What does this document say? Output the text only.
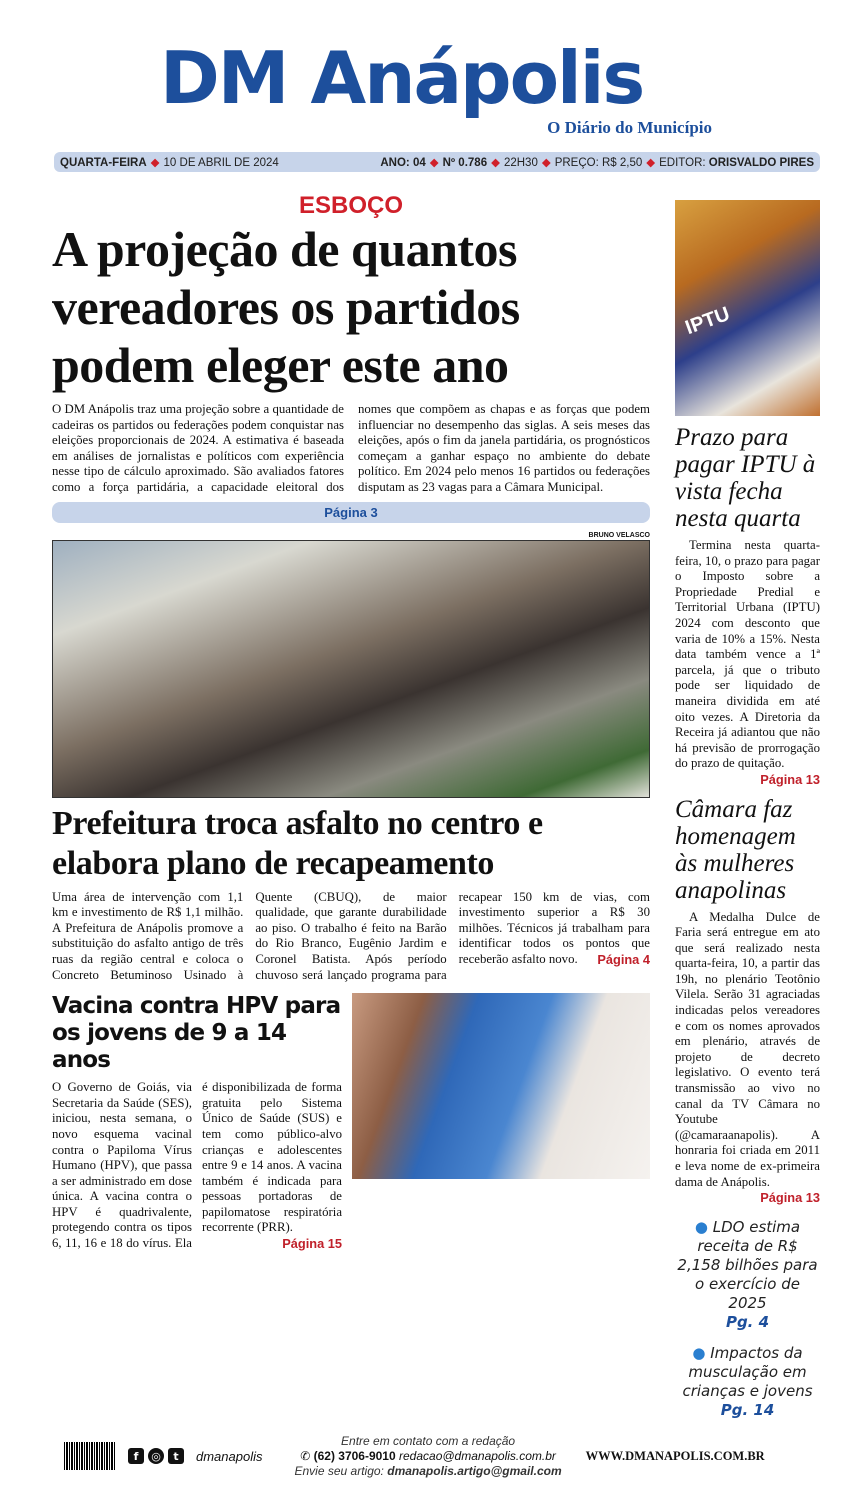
DM Anápolis
O Diário do Município
QUARTA-FEIRA ◆ 10 DE ABRIL DE 2024	ANO: 04 ◆ Nº 0.786 ◆ 22H30 ◆ PREÇO: R$ 2,50 ◆ EDITOR: ORISVALDO PIRES
ESBOÇO
A projeção de quantos vereadores os partidos podem eleger este ano
O DM Anápolis traz uma projeção sobre a quantidade de cadeiras os partidos ou federações podem conquistar nas eleições proporcionais de 2024. A estimativa é baseada em análises de jornalistas e políticos com experiência nesse tipo de cálculo aproximado. São avaliados fatores como a força partidária, a capacidade eleitoral dos nomes que compõem as chapas e as forças que podem influenciar no desempenho das siglas. A seis meses das eleições, após o fim da janela partidária, os prognósticos começam a ganhar espaço no ambiente do debate político. Em 2024 pelo menos 16 partidos ou federações disputam as 23 vagas para a Câmara Municipal.
Página 3
BRUNO VELASCO
Prefeitura troca asfalto no centro e elabora plano de recapeamento
Uma área de intervenção com 1,1 km e investimento de R$ 1,1 milhão. A Prefeitura de Anápolis promove a substituição do asfalto antigo de três ruas da região central e coloca o Concreto Betuminoso Usinado à Quente (CBUQ), de maior qualidade, que garante durabilidade ao piso. O trabalho é feito na Barão do Rio Branco, Eugênio Jardim e Coronel Batista. Após período chuvoso será lançado programa para recapear 150 km de vias, com investimento superior a R$ 30 milhões. Técnicos já trabalham para identificar todos os pontos que receberão asfalto novo. Página 4
Vacina contra HPV para os jovens de 9 a 14 anos
O Governo de Goiás, via Secretaria da Saúde (SES), iniciou, nesta semana, o novo esquema vacinal contra o Papiloma Vírus Humano (HPV), que passa a ser administrado em dose única. A vacina contra o HPV é quadrivalente, protegendo contra os tipos 6, 11, 16 e 18 do vírus. Ela é disponibilizada de forma gratuita pelo Sistema Único de Saúde (SUS) e tem como público-alvo crianças e adolescentes entre 9 e 14 anos. A vacina também é indicada para pessoas portadoras de papilomatose respiratória recorrente (PRR).
Página 15
IPTU
Prazo para pagar IPTU à vista fecha nesta quarta
Termina nesta quarta-feira, 10, o prazo para pagar o Imposto sobre a Propriedade Predial e Territorial Urbana (IPTU) 2024 com desconto que varia de 10% a 15%. Nesta data também vence a 1ª parcela, já que o tributo pode ser liquidado de maneira dividida em até oito vezes. A Diretoria da Receira já adiantou que não há previsão de prorrogação do prazo de quitação.
Página 13
Câmara faz homenagem às mulheres anapolinas
A Medalha Dulce de Faria será entregue em ato que será realizado nesta quarta-feira, 10, a partir das 19h, no plenário Teotônio Vilela. Serão 31 agraciadas indicadas pelos vereadores e com os nomes aprovados em plenário, através de projeto de decreto legislativo. O evento terá transmissão ao vivo no canal da TV Câmara no Youtube (@camaraanapolis). A honraria foi criada em 2011 e leva nome de ex-primeira dama de Anápolis.
Página 13
● LDO estima receita de R$ 2,158 bilhões para o exercício de 2025
Pg. 4
● Impactos da musculação em crianças e jovens
Pg. 14
f	◎	t	dmanapolis
Entre em contato com a redação
✆ (62) 3706-9010 redacao@dmanapolis.com.br
Envie seu artigo: dmanapolis.artigo@gmail.com
WWW.DMANAPOLIS.COM.BR
